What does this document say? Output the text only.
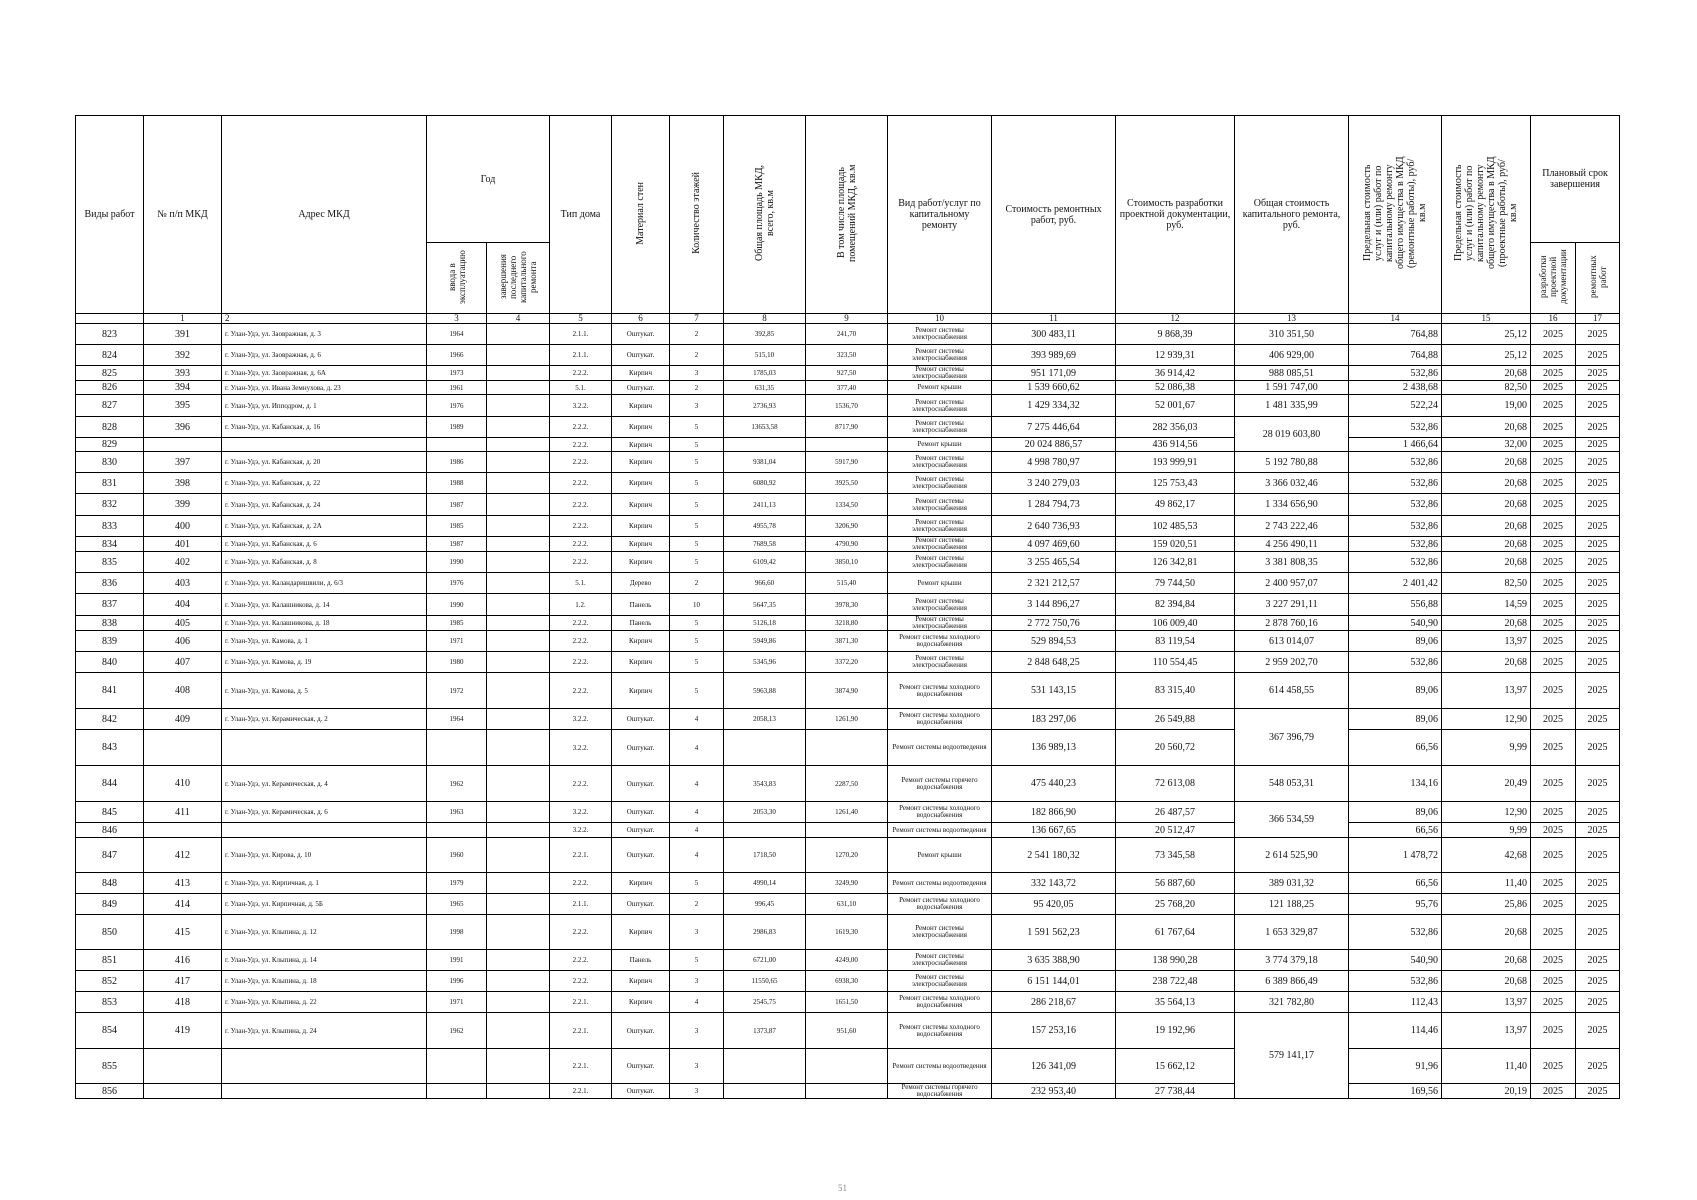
Виды работ	№ п/п МКД	Адрес МКД	Год		Тип дома	Материал стен	Количество этажей	Общая площадь МКД, всего, кв.м	В том числе площадь помещений МКД, кв.м	Вид работ/услуг по капитальному ремонту	Стоимость ремонтных работ, руб.	Стоимость разработки проектной документации, руб.	Общая стоимость капитального ремонта, руб.	Предельная стоимость услуг и (или) работ по капитальному ремонту общего имущества в МКД (ремонтные работы), руб/кв.м	Предельная стоимость услуг и (или) работ по капитальному ремонту общего имущества в МКД (проектные работы), руб/кв.м	Плановый срок завершения	
			ввода в эксплуатацию	завершения последнего капитального ремонта												разработки проектной документации	ремонтных работ
	1	2	3	4	5	6	7	8	9	10	11	12	13	14	15	16	17
823	391	г. Улан-Удэ, ул. Заовражная, д. 3	1964		2.1.1.	Оштукат.	2	392,85	241,70	Ремонт системы электроснабжения	300 483,11	9 868,39	310 351,50	764,88	25,12	2025	2025
824	392	г. Улан-Удэ, ул. Заовражная, д. 6	1966		2.1.1.	Оштукат.	2	515,10	323,50	Ремонт системы электроснабжения	393 989,69	12 939,31	406 929,00	764,88	25,12	2025	2025
825	393	г. Улан-Удэ, ул. Заовражная, д. 6А	1973		2.2.2.	Кирпич	3	1785,03	927,50	Ремонт системы электроснабжения	951 171,09	36 914,42	988 085,51	532,86	20,68	2025	2025
826	394	г. Улан-Удэ, ул. Ивана Земнухова, д. 23	1961		5.1.	Оштукат.	2	631,35	377,40	Ремонт крыши	1 539 660,62	52 086,38	1 591 747,00	2 438,68	82,50	2025	2025
827	395	г. Улан-Удэ, ул. Ипподром, д. 1	1976		3.2.2.	Кирпич	3	2736,93	1536,70	Ремонт системы электроснабжения	1 429 334,32	52 001,67	1 481 335,99	522,24	19,00	2025	2025
828	396	г. Улан-Удэ, ул. Кабанская, д. 16	1989		2.2.2.	Кирпич	5	13653,58	8717,90	Ремонт системы электроснабжения	7 275 446,64	282 356,03	28 019 603,80	532,86	20,68	2025	2025
829					2.2.2.	Кирпич	5			Ремонт крыши	20 024 886,57	436 914,56		1 466,64	32,00	2025	2025
830	397	г. Улан-Удэ, ул. Кабанская, д. 20	1986		2.2.2.	Кирпич	5	9381,04	5917,90	Ремонт системы электроснабжения	4 998 780,97	193 999,91	5 192 780,88	532,86	20,68	2025	2025
831	398	г. Улан-Удэ, ул. Кабанская, д. 22	1988		2.2.2.	Кирпич	5	6080,92	3925,50	Ремонт системы электроснабжения	3 240 279,03	125 753,43	3 366 032,46	532,86	20,68	2025	2025
832	399	г. Улан-Удэ, ул. Кабанская, д. 24	1987		2.2.2.	Кирпич	5	2411,13	1334,50	Ремонт системы электроснабжения	1 284 794,73	49 862,17	1 334 656,90	532,86	20,68	2025	2025
833	400	г. Улан-Удэ, ул. Кабанская, д. 2А	1985		2.2.2.	Кирпич	5	4955,78	3206,90	Ремонт системы электроснабжения	2 640 736,93	102 485,53	2 743 222,46	532,86	20,68	2025	2025
834	401	г. Улан-Удэ, ул. Кабанская, д. 6	1987		2.2.2.	Кирпич	5	7689,58	4790,90	Ремонт системы электроснабжения	4 097 469,60	159 020,51	4 256 490,11	532,86	20,68	2025	2025
835	402	г. Улан-Удэ, ул. Кабанская, д. 8	1990		2.2.2.	Кирпич	5	6109,42	3850,10	Ремонт системы электроснабжения	3 255 465,54	126 342,81	3 381 808,35	532,86	20,68	2025	2025
836	403	г. Улан-Удэ, ул. Каландаришвили, д. 6/3	1976		5.1.	Дерево	2	966,60	515,40	Ремонт крыши	2 321 212,57	79 744,50	2 400 957,07	2 401,42	82,50	2025	2025
837	404	г. Улан-Удэ, ул. Калашникова, д. 14	1990		1.2.	Панель	10	5647,35	3978,30	Ремонт системы электроснабжения	3 144 896,27	82 394,84	3 227 291,11	556,88	14,59	2025	2025
838	405	г. Улан-Удэ, ул. Калашникова, д. 18	1985		2.2.2.	Панель	5	5126,18	3218,80	Ремонт системы электроснабжения	2 772 750,76	106 009,40	2 878 760,16	540,90	20,68	2025	2025
839	406	г. Улан-Удэ, ул. Камова, д. 1	1971		2.2.2.	Кирпич	5	5949,86	3871,30	Ремонт системы холодного водоснабжения	529 894,53	83 119,54	613 014,07	89,06	13,97	2025	2025
840	407	г. Улан-Удэ, ул. Камова, д. 19	1980		2.2.2.	Кирпич	5	5345,96	3372,20	Ремонт системы электроснабжения	2 848 648,25	110 554,45	2 959 202,70	532,86	20,68	2025	2025
841	408	г. Улан-Удэ, ул. Камова, д. 5	1972		2.2.2.	Кирпич	5	5963,88	3874,90	Ремонт системы холодного водоснабжения	531 143,15	83 315,40	614 458,55	89,06	13,97	2025	2025
842	409	г. Улан-Удэ, ул. Керамическая, д. 2	1964		3.2.2.	Оштукат.	4	2058,13	1261,90	Ремонт системы холодного водоснабжения	183 297,06	26 549,88	367 396,79	89,06	12,90	2025	2025
843					3.2.2.	Оштукат.	4			Ремонт системы водоотведения	136 989,13	20 560,72		66,56	9,99	2025	2025
844	410	г. Улан-Удэ, ул. Керамическая, д. 4	1962		2.2.2.	Оштукат.	4	3543,83	2287,50	Ремонт системы горячего водоснабжения	475 440,23	72 613,08	548 053,31	134,16	20,49	2025	2025
845	411	г. Улан-Удэ, ул. Керамическая, д. 6	1963		3.2.2.	Оштукат.	4	2053,30	1261,40	Ремонт системы холодного водоснабжения	182 866,90	26 487,57	366 534,59	89,06	12,90	2025	2025
846					3.2.2.	Оштукат.	4			Ремонт системы водоотведения	136 667,65	20 512,47		66,56	9,99	2025	2025
847	412	г. Улан-Удэ, ул. Кирова, д. 10	1960		2.2.1.	Оштукат.	4	1718,50	1270,20	Ремонт крыши	2 541 180,32	73 345,58	2 614 525,90	1 478,72	42,68	2025	2025
848	413	г. Улан-Удэ, ул. Кирпичная, д. 1	1979		2.2.2.	Кирпич	5	4990,14	3249,90	Ремонт системы водоотведения	332 143,72	56 887,60	389 031,32	66,56	11,40	2025	2025
849	414	г. Улан-Удэ, ул. Кирпичная, д. 5Б	1965		2.1.1.	Оштукат.	2	996,45	631,10	Ремонт системы холодного водоснабжения	95 420,05	25 768,20	121 188,25	95,76	25,86	2025	2025
850	415	г. Улан-Удэ, ул. Клыпина, д. 12	1998		2.2.2.	Кирпич	3	2986,83	1619,30	Ремонт системы электроснабжения	1 591 562,23	61 767,64	1 653 329,87	532,86	20,68	2025	2025
851	416	г. Улан-Удэ, ул. Клыпина, д. 14	1991		2.2.2.	Панель	5	6721,00	4249,00	Ремонт системы электроснабжения	3 635 388,90	138 990,28	3 774 379,18	540,90	20,68	2025	2025
852	417	г. Улан-Удэ, ул. Клыпина, д. 18	1996		2.2.2.	Кирпич	3	11550,65	6938,30	Ремонт системы электроснабжения	6 151 144,01	238 722,48	6 389 866,49	532,86	20,68	2025	2025
853	418	г. Улан-Удэ, ул. Клыпина, д. 22	1971		2.2.1.	Кирпич	4	2545,75	1651,50	Ремонт системы холодного водоснабжения	286 218,67	35 564,13	321 782,80	112,43	13,97	2025	2025
854	419	г. Улан-Удэ, ул. Клыпина, д. 24	1962		2.2.1.	Оштукат.	3	1373,87	951,60	Ремонт системы холодного водоснабжения	157 253,16	19 192,96	579 141,17	114,46	13,97	2025	2025
855					2.2.1.	Оштукат.	3			Ремонт системы водоотведения	126 341,09	15 662,12		91,96	11,40	2025	2025
856					2.2.1.	Оштукат.	3			Ремонт системы горячего водоснабжения	232 953,40	27 738,44		169,56	20,19	2025	2025
51
